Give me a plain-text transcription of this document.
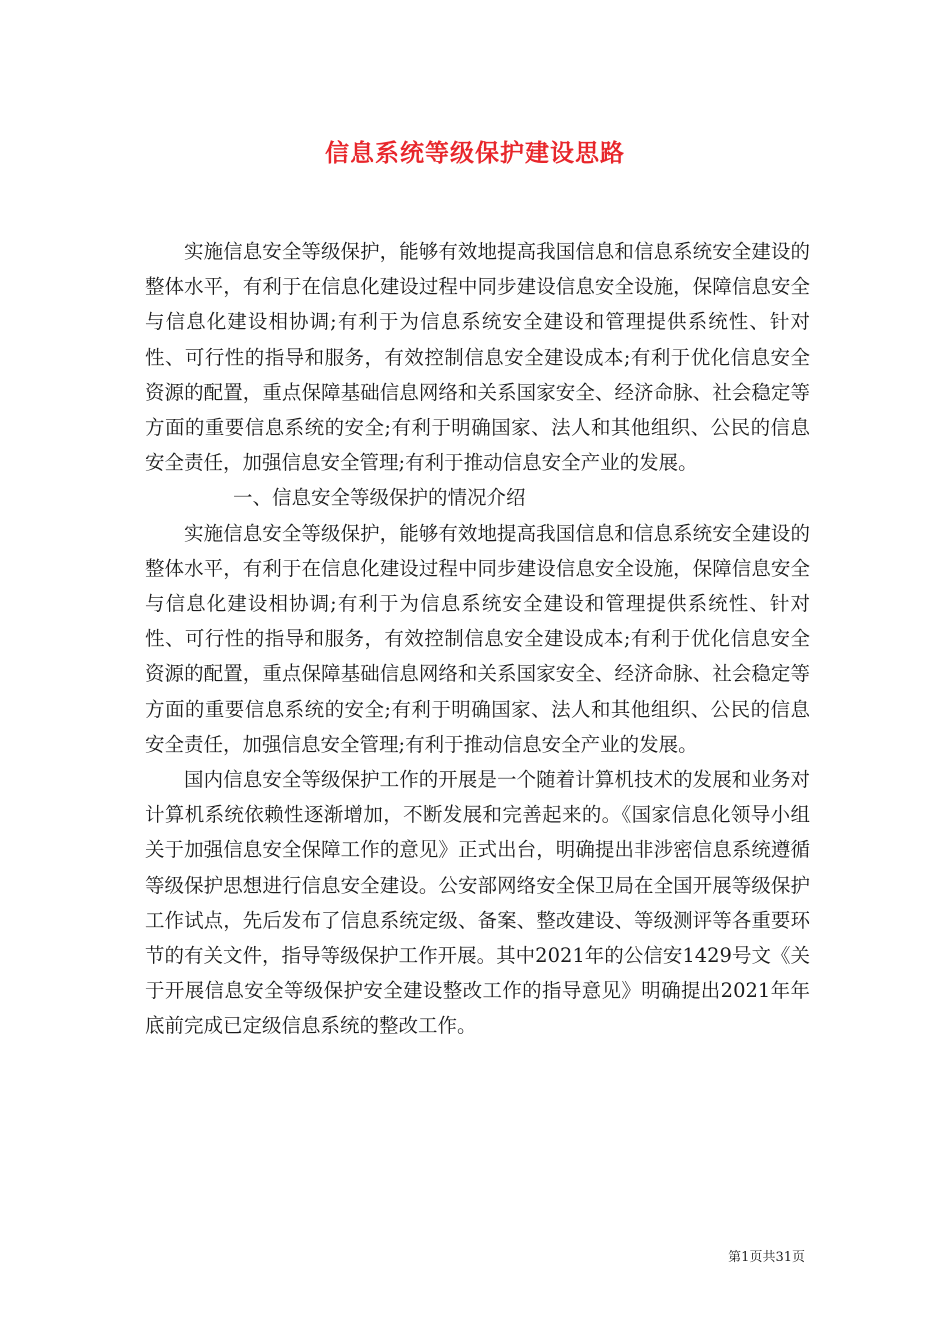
信息系统等级保护建设思路

实施信息安全等级保护，能够有效地提高我国信息和信息系统安全建设的整体水平，有利于在信息化建设过程中同步建设信息安全设施，保障信息安全与信息化建设相协调;有利于为信息系统安全建设和管理提供系统性、针对性、可行性的指导和服务，有效控制信息安全建设成本;有利于优化信息安全资源的配置，重点保障基础信息网络和关系国家安全、经济命脉、社会稳定等方面的重要信息系统的安全;有利于明确国家、法人和其他组织、公民的信息安全责任，加强信息安全管理;有利于推动信息安全产业的发展。

一、信息安全等级保护的情况介绍

实施信息安全等级保护，能够有效地提高我国信息和信息系统安全建设的整体水平，有利于在信息化建设过程中同步建设信息安全设施，保障信息安全与信息化建设相协调;有利于为信息系统安全建设和管理提供系统性、针对性、可行性的指导和服务，有效控制信息安全建设成本;有利于优化信息安全资源的配置，重点保障基础信息网络和关系国家安全、经济命脉、社会稳定等方面的重要信息系统的安全;有利于明确国家、法人和其他组织、公民的信息安全责任，加强信息安全管理;有利于推动信息安全产业的发展。

国内信息安全等级保护工作的开展是一个随着计算机技术的发展和业务对计算机系统依赖性逐渐增加，不断发展和完善起来的。《国家信息化领导小组关于加强信息安全保障工作的意见》正式出台，明确提出非涉密信息系统遵循等级保护思想进行信息安全建设。公安部网络安全保卫局在全国开展等级保护工作试点，先后发布了信息系统定级、备案、整改建设、等级测评等各重要环节的有关文件，指导等级保护工作开展。其中2021年的公信安1429号文《关于开展信息安全等级保护安全建设整改工作的指导意见》明确提出2021年年底前完成已定级信息系统的整改工作。

第1页共31页
